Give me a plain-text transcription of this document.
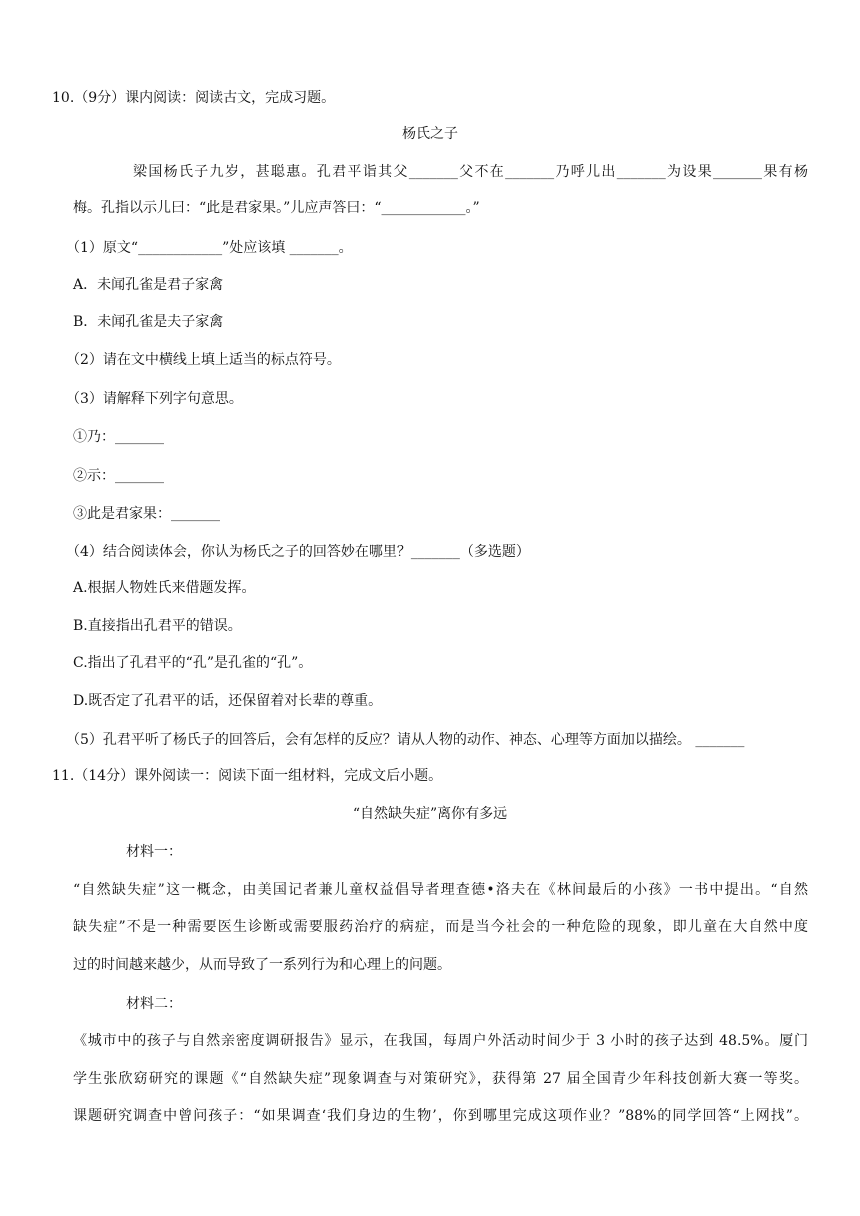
10.（9分）课内阅读：阅读古文，完成习题。
杨氏之子
梁国杨氏子九岁，甚聪惠。孔君平诣其父_______父不在_______乃呼儿出_______为设果_______果有杨
梅。孔指以示儿曰：“此是君家果。”儿应声答曰：“____________。”
（1）原文“____________”处应该填 _______。
A．未闻孔雀是君子家禽
B．未闻孔雀是夫子家禽
（2）请在文中横线上填上适当的标点符号。
（3）请解释下列字句意思。
①乃：_______
②示：_______
③此是君家果：_______
（4）结合阅读体会，你认为杨氏之子的回答妙在哪里？_______（多选题）
A.根据人物姓氏来借题发挥。
B.直接指出孔君平的错误。
C.指出了孔君平的“孔”是孔雀的“孔”。
D.既否定了孔君平的话，还保留着对长辈的尊重。
（5）孔君平听了杨氏子的回答后，会有怎样的反应？请从人物的动作、神态、心理等方面加以描绘。 _______
11.（14分）课外阅读一：阅读下面一组材料，完成文后小题。
“自然缺失症”离你有多远
材料一：
“自然缺失症”这一概念，由美国记者兼儿童权益倡导者理查德•洛夫在《林间最后的小孩》一书中提出。“自然
缺失症”不是一种需要医生诊断或需要服药治疗的病症，而是当今社会的一种危险的现象，即儿童在大自然中度
过的时间越来越少，从而导致了一系列行为和心理上的问题。
材料二：
《城市中的孩子与自然亲密度调研报告》显示，在我国，每周户外活动时间少于 3 小时的孩子达到 48.5%。厦门
学生张欣窈研究的课题《“自然缺失症”现象调查与对策研究》，获得第 27 届全国青少年科技创新大赛一等奖。
课题研究调查中曾问孩子：“如果调查‘我们身边的生物’，你到哪里完成这项作业？”88%的同学回答“上网找”。
